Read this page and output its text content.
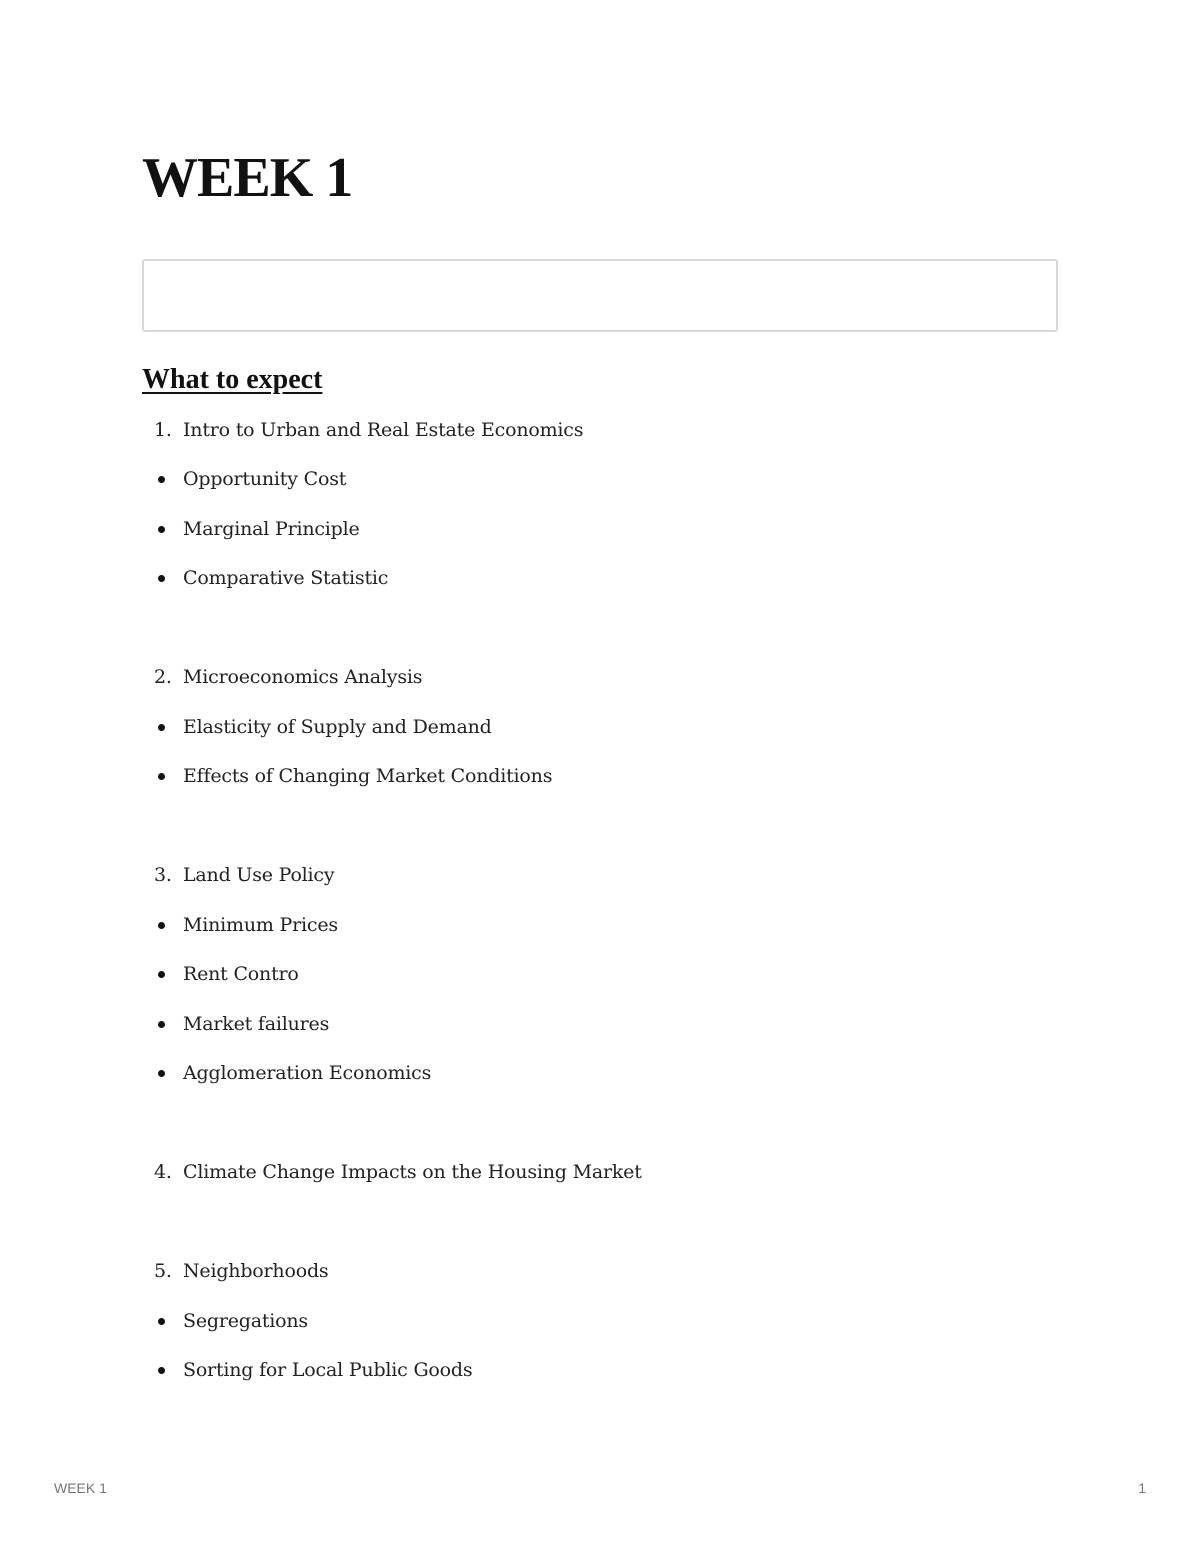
WEEK 1
What to expect
1. Intro to Urban and Real Estate Economics
Opportunity Cost
Marginal Principle
Comparative Statistic
2. Microeconomics Analysis
Elasticity of Supply and Demand
Effects of Changing Market Conditions
3. Land Use Policy
Minimum Prices
Rent Contro
Market failures
Agglomeration Economics
4. Climate Change Impacts on the Housing Market
5. Neighborhoods
Segregations
Sorting for Local Public Goods
WEEK 1	1
